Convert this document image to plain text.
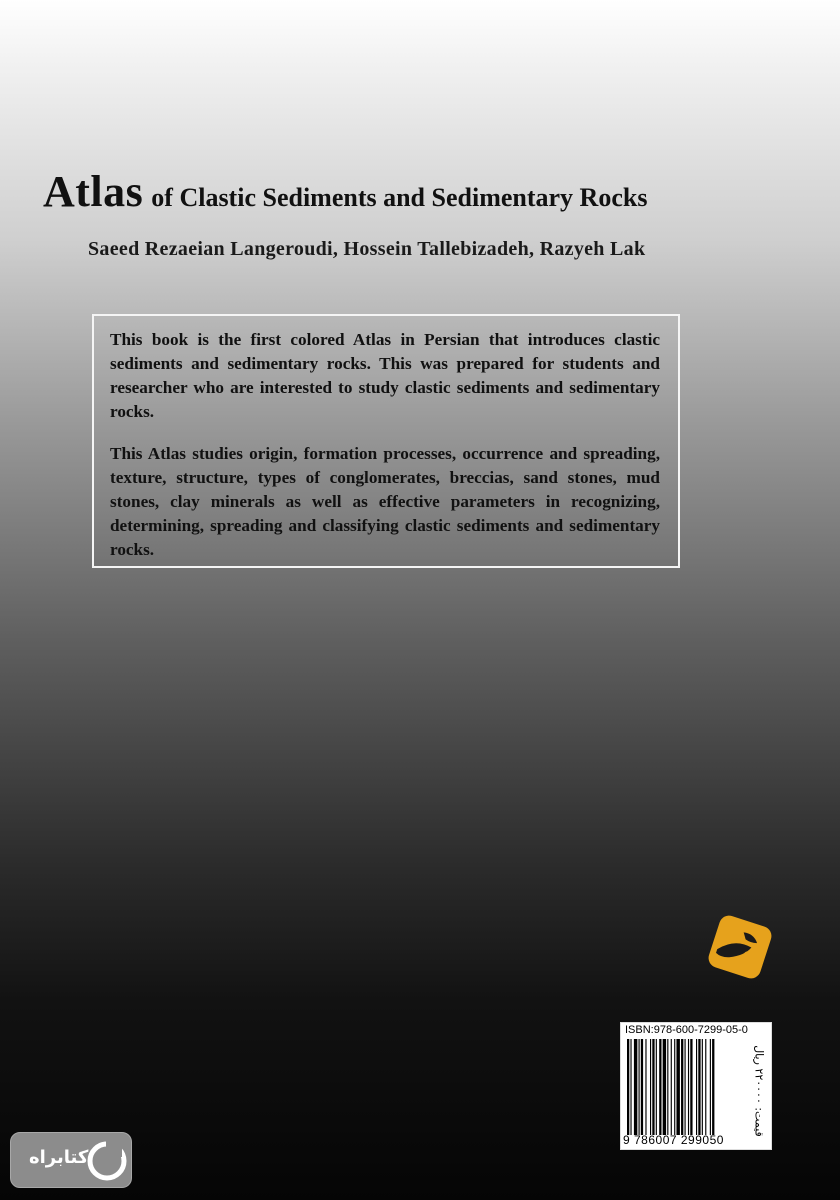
Atlas of Clastic Sediments and Sedimentary Rocks
Saeed Rezaeian Langeroudi, Hossein Tallebizadeh, Razyeh Lak

This book is the first colored Atlas in Persian that introduces clastic sediments and sedimentary rocks. This was prepared for students and researcher who are interested to study clastic sediments and sedimentary rocks.

This Atlas studies origin, formation processes, occurrence and spreading, texture, structure, types of conglomerates, breccias, sand stones, mud stones, clay minerals as well as effective parameters in recognizing, determining, spreading and classifying clastic sediments and sedimentary rocks.

ISBN:978-600-7299-05-0
9 786007 299050
قیمت: ۲۲۰۰۰۰ ریال
کتابراه
